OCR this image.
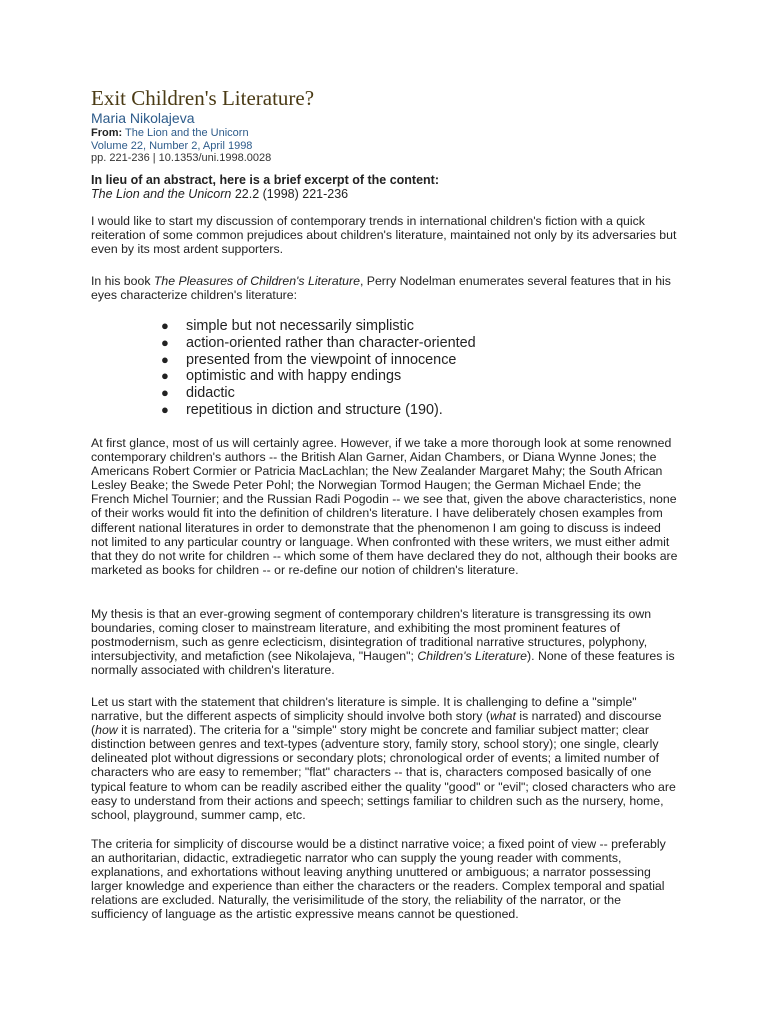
Exit Children's Literature?

Maria Nikolajeva

From: The Lion and the Unicorn

Volume 22, Number 2, April 1998

pp. 221-236 | 10.1353/uni.1998.0028

In lieu of an abstract, here is a brief excerpt of the content:

The Lion and the Unicorn 22.2 (1998) 221-236

I would like to start my discussion of contemporary trends in international children's fiction with a quick reiteration of some common prejudices about children's literature, maintained not only by its adversaries but even by its most ardent supporters.

In his book The Pleasures of Children's Literature, Perry Nodelman enumerates several features that in his eyes characterize children's literature:

● simple but not necessarily simplistic
● action-oriented rather than character-oriented
● presented from the viewpoint of innocence
● optimistic and with happy endings
● didactic
● repetitious in diction and structure (190).

At first glance, most of us will certainly agree. However, if we take a more thorough look at some renowned contemporary children's authors -- the British Alan Garner, Aidan Chambers, or Diana Wynne Jones; the Americans Robert Cormier or Patricia MacLachlan; the New Zealander Margaret Mahy; the South African Lesley Beake; the Swede Peter Pohl; the Norwegian Tormod Haugen; the German Michael Ende; the French Michel Tournier; and the Russian Radi Pogodin -- we see that, given the above characteristics, none of their works would fit into the definition of children's literature. I have deliberately chosen examples from different national literatures in order to demonstrate that the phenomenon I am going to discuss is indeed not limited to any particular country or language. When confronted with these writers, we must either admit that they do not write for children -- which some of them have declared they do not, although their books are marketed as books for children -- or re-define our notion of children's literature.

My thesis is that an ever-growing segment of contemporary children's literature is transgressing its own boundaries, coming closer to mainstream literature, and exhibiting the most prominent features of postmodernism, such as genre eclecticism, disintegration of traditional narrative structures, polyphony, intersubjectivity, and metafiction (see Nikolajeva, "Haugen"; Children's Literature). None of these features is normally associated with children's literature.

Let us start with the statement that children's literature is simple. It is challenging to define a "simple" narrative, but the different aspects of simplicity should involve both story (what is narrated) and discourse (how it is narrated). The criteria for a "simple" story might be concrete and familiar subject matter; clear distinction between genres and text-types (adventure story, family story, school story); one single, clearly delineated plot without digressions or secondary plots; chronological order of events; a limited number of characters who are easy to remember; "flat" characters -- that is, characters composed basically of one typical feature to whom can be readily ascribed either the quality "good" or "evil"; closed characters who are easy to understand from their actions and speech; settings familiar to children such as the nursery, home, school, playground, summer camp, etc.

The criteria for simplicity of discourse would be a distinct narrative voice; a fixed point of view -- preferably an authoritarian, didactic, extradiegetic narrator who can supply the young reader with comments, explanations, and exhortations without leaving anything unuttered or ambiguous; a narrator possessing larger knowledge and experience than either the characters or the readers. Complex temporal and spatial relations are excluded. Naturally, the verisimilitude of the story, the reliability of the narrator, or the sufficiency of language as the artistic expressive means cannot be questioned.
